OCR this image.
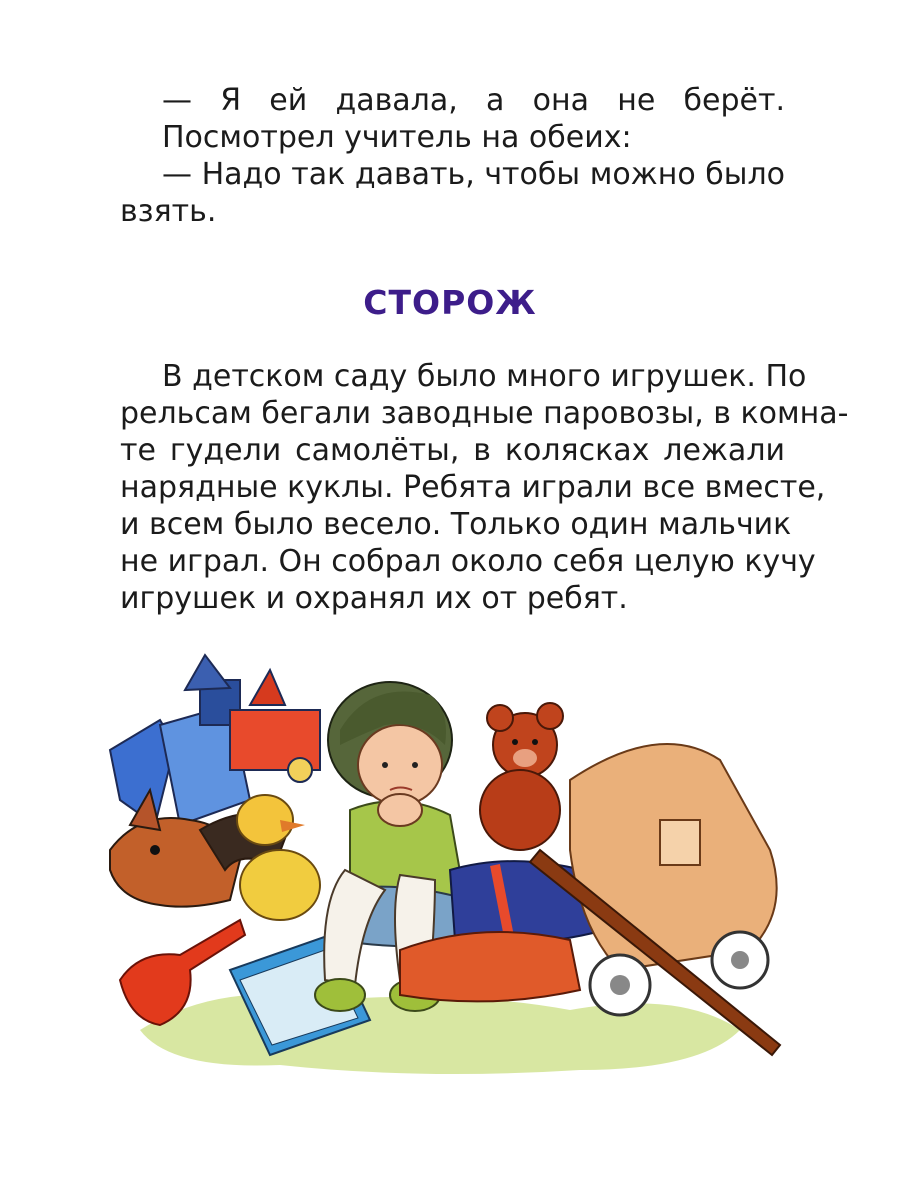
— Я ей давала, а она не берёт.
Посмотрел учитель на обеих:
— Надо так давать, чтобы можно было
взять.
СТОРОЖ
В детском саду было много игрушек. По
рельсам бегали заводные паровозы, в комна-
те гудели самолёты, в колясках лежали
нарядные куклы. Ребята играли все вместе,
и всем было весело. Только один мальчик
не играл. Он собрал около себя целую кучу
игрушек и охранял их от ребят.
